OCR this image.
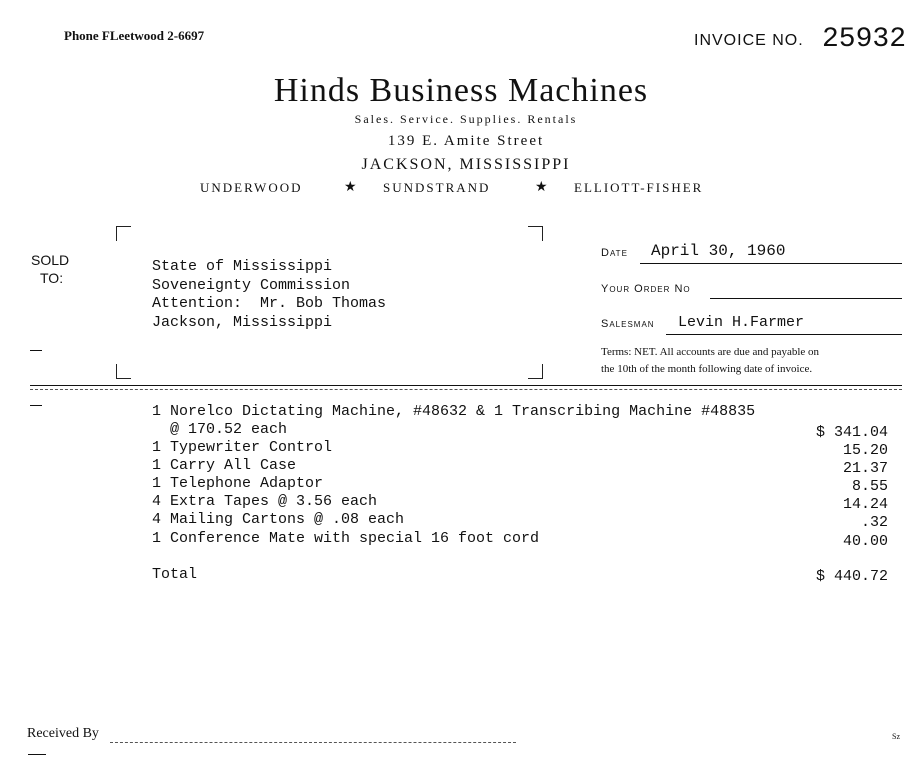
Phone FLeetwood 2-6697	INVOICE NO. 25932
Hinds Business Machines
Sales. Service. Supplies. Rentals
139 E. Amite Street
JACKSON, MISSISSIPPI
UNDERWOOD	★ SUNDSTRAND	★ ELLIOTT-FISHER
SOLD
TO:
State of Mississippi
Soveneignty Commission
Attention:  Mr. Bob Thomas
Jackson, Mississippi
Date April 30, 1960
Your Order No
Salesman Levin H.Farmer
Terms: NET. All accounts are due and payable on
the 10th of the month following date of invoice.
1 Norelco Dictating Machine, #48632 & 1 Transcribing Machine #48835
@ 170.52 each	$ 341.04
1 Typewriter Control	15.20
1 Carry All Case	21.37
1 Telephone Adaptor	8.55
4 Extra Tapes @ 3.56 each	14.24
4 Mailing Cartons @ .08 each	.32
1 Conference Mate with special 16 foot cord	40.00
Total	$ 440.72
Received By	Sz
